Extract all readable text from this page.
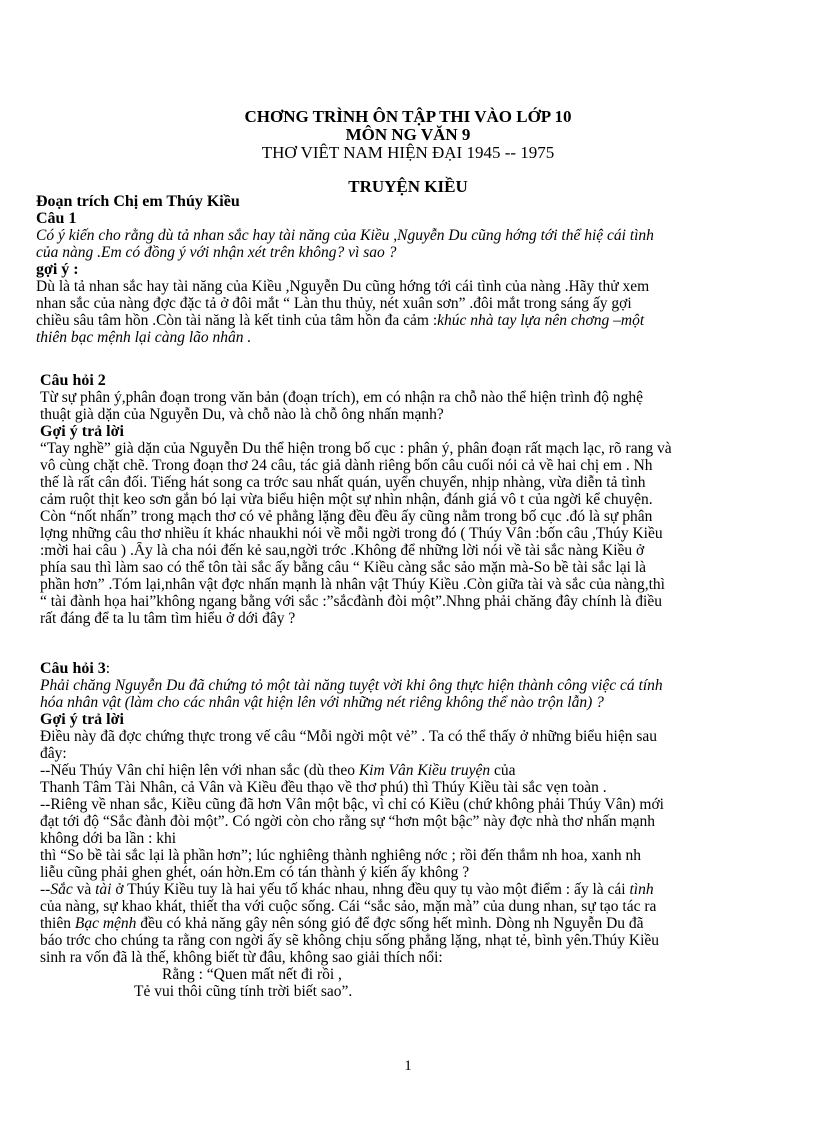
CHƠNG TRÌNH ÔN TẬP THI VÀO LỚP 10
MÔN NG VĂN 9
THƠ VIÊT NAM HIỆN ĐẠI 1945 -- 1975
TRUYỆN KIỀU
Đoạn trích Chị em Thúy Kiều
Câu 1
Có ý kiến cho rằng dù tả nhan sắc hay tài năng của Kiều ,Nguyễn Du cũng hớng tới thể hiệ cái tình
của nàng .Em có đồng ý với nhận xét trên không? vì sao ?
gợi ý :
Dù là tả nhan sắc hay tài năng của Kiều ,Nguyễn Du cũng hớng tới cái tình của nàng .Hãy thử xem
nhan sắc của nàng đợc đặc tả ở đôi mắt “ Làn thu thủy, nét xuân sơn” .đôi mắt trong sáng ấy gợi
chiều sâu tâm hồn .Còn tài năng là kết tinh của tâm hồn đa cảm :khúc nhà tay lựa nên chơng –một
thiên bạc mệnh lại càng lão nhân .
Câu hỏi 2
Từ sự phân ý,phân đoạn trong văn bản (đoạn trích), em có nhận ra chỗ nào thể hiện trình độ nghệ
thuật già dặn của Nguyễn Du, và chỗ nào là chỗ ông nhấn mạnh?
Gợi ý trả lời
“Tay nghề” già dặn của Nguyễn Du thể hiện trong bố cục : phân ý, phân đoạn rất mạch lạc, rõ rang và
vô cùng chặt chẽ. Trong đoạn thơ 24 câu, tác giả dành riêng bốn câu cuối nói cả về hai chị em . Nh
thế là rất cân đối. Tiếng hát song ca trớc sau nhất quán, uyển chuyển, nhịp nhàng, vừa diễn tả tình
cảm ruột thịt keo sơn gắn bó lại vừa biểu hiện một sự nhìn nhận, đánh giá vô t của ngời kể chuyện.
Còn “nốt nhấn” trong mạch thơ có vẻ phẳng lặng đều đều ấy cũng nằm trong bố cục .đó là sự phân
lợng những câu thơ nhiều ít khác nhaukhi nói về mỗi ngời trong đó ( Thúy Vân :bốn câu ,Thúy Kiều
:mời hai câu ) .Ấy là cha nói đến kẻ sau,ngời trớc .Không để những lời nói về tài sắc nàng Kiều ở
phía sau thì làm sao có thể tôn tài sắc ấy bằng câu “ Kiều càng sắc sảo mặn mà-So bề tài sắc lại là
phần hơn” .Tóm lại,nhân vật đợc nhấn mạnh là nhân vật Thúy Kiều .Còn giữa tài và sắc của nàng,thì
“ tài đành họa hai”không ngang bằng với sắc :”sắcđành đòi một”.Nhng phải chăng đây chính là điều
rất đáng để ta lu tâm tìm hiểu ở dới đây ?
Câu hỏi 3:
Phải chăng Nguyễn Du đã chứng tỏ một tài năng tuyệt vời khi ông thực hiện thành công việc cá tính
hóa nhân vật (làm cho các nhân vật hiện lên với những nét riêng không thể nào trộn lẫn) ?
Gợi ý trả lời
Điều này đã đợc chứng thực trong vế câu “Mỗi ngời một vẻ” . Ta có thể thấy ở những biểu hiện sau
đây:
--Nếu Thúy Vân chỉ hiện lên với nhan sắc (dù theo Kim Vân Kiều truyện của
Thanh Tâm Tài Nhân, cả Vân và Kiều đều thạo về thơ phú) thì Thúy Kiều tài sắc vẹn toàn .
--Riêng về nhan sắc, Kiều cũng đã hơn Vân một bậc, vì chỉ có Kiều (chứ không phải Thúy Vân) mới
đạt tới độ “Sắc đành đòi một”. Có ngời còn cho rằng sự “hơn một bậc” này đợc nhà thơ nhấn mạnh
không dới ba lần : khi
thì “So bề tài sắc lại là phần hơn”; lúc nghiêng thành nghiêng nớc ; rồi đến thắm nh hoa, xanh nh
liễu cũng phải ghen ghét, oán hờn.Em có tán thành ý kiến ấy không ?
--Sắc và tài ở Thúy Kiều tuy là hai yếu tố khác nhau, nhng đều quy tụ vào một điểm : ấy là cái tình
của nàng, sự khao khát, thiết tha với cuộc sống. Cái “sắc sảo, mặn mà” của dung nhan, sự tạo tác ra
thiên Bạc mệnh đều có khả năng gây nên sóng gió để đợc sống hết mình. Dòng nh Nguyễn Du đã
báo trớc cho chúng ta rằng con ngời ấy sẽ không chịu sống phẳng lặng, nhạt tẻ, bình yên.Thúy Kiều
sinh ra vốn đã là thế, không biết từ đâu, không sao giải thích nổi:
Rằng : “Quen mất nết đi rồi ,
Tẻ vui thôi cũng tính trời biết sao”.
1
